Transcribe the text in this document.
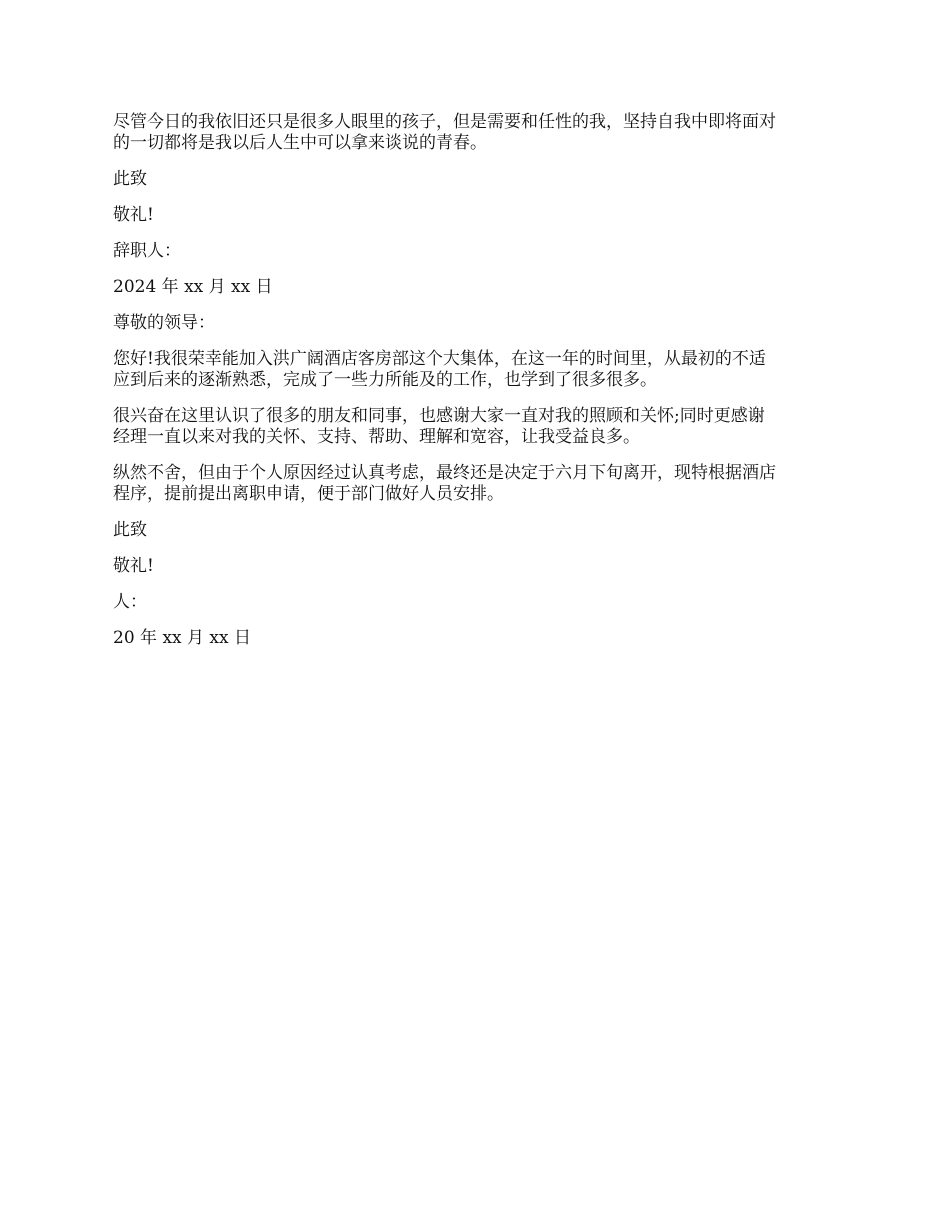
尽管今日的我依旧还只是很多人眼里的孩子，但是需要和任性的我，坚持自我中即将面对
的一切都将是我以后人生中可以拿来谈说的青春。

此致

敬礼!

辞职人：

2024 年 xx 月 xx 日

尊敬的领导：

您好!我很荣幸能加入洪广阔酒店客房部这个大集体，在这一年的时间里，从最初的不适
应到后来的逐渐熟悉，完成了一些力所能及的工作，也学到了很多很多。

很兴奋在这里认识了很多的朋友和同事，也感谢大家一直对我的照顾和关怀;同时更感谢
经理一直以来对我的关怀、支持、帮助、理解和宽容，让我受益良多。

纵然不舍，但由于个人原因经过认真考虑，最终还是决定于六月下旬离开，现特根据酒店
程序，提前提出离职申请，便于部门做好人员安排。

此致

敬礼!

人：

20 年 xx 月 xx 日
